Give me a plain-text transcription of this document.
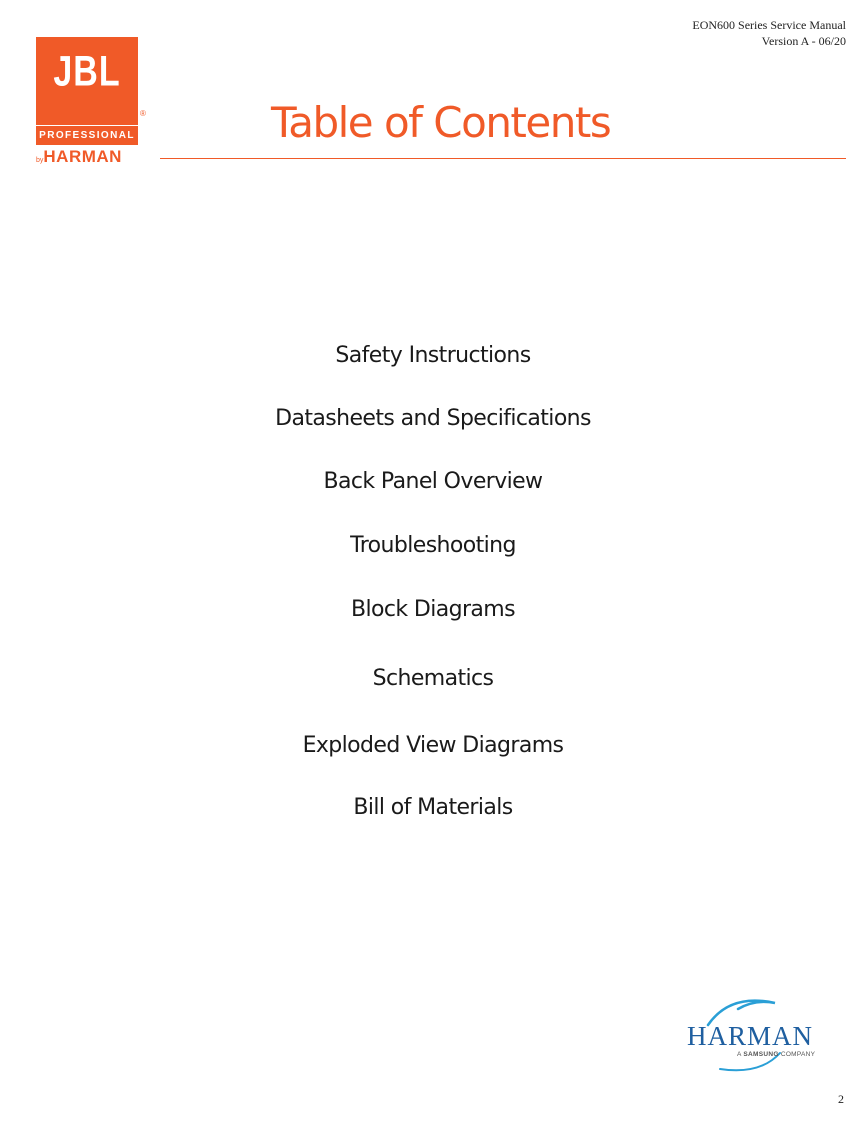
EON600 Series Service Manual
Version A - 06/20
JBL
PROFESSIONAL
®
byHARMAN
Table of Contents
Safety Instructions
Datasheets and Specifications
Back Panel Overview
Troubleshooting
Block Diagrams
Schematics
Exploded View Diagrams
Bill of Materials
HARMAN
A SAMSUNG COMPANY
2
